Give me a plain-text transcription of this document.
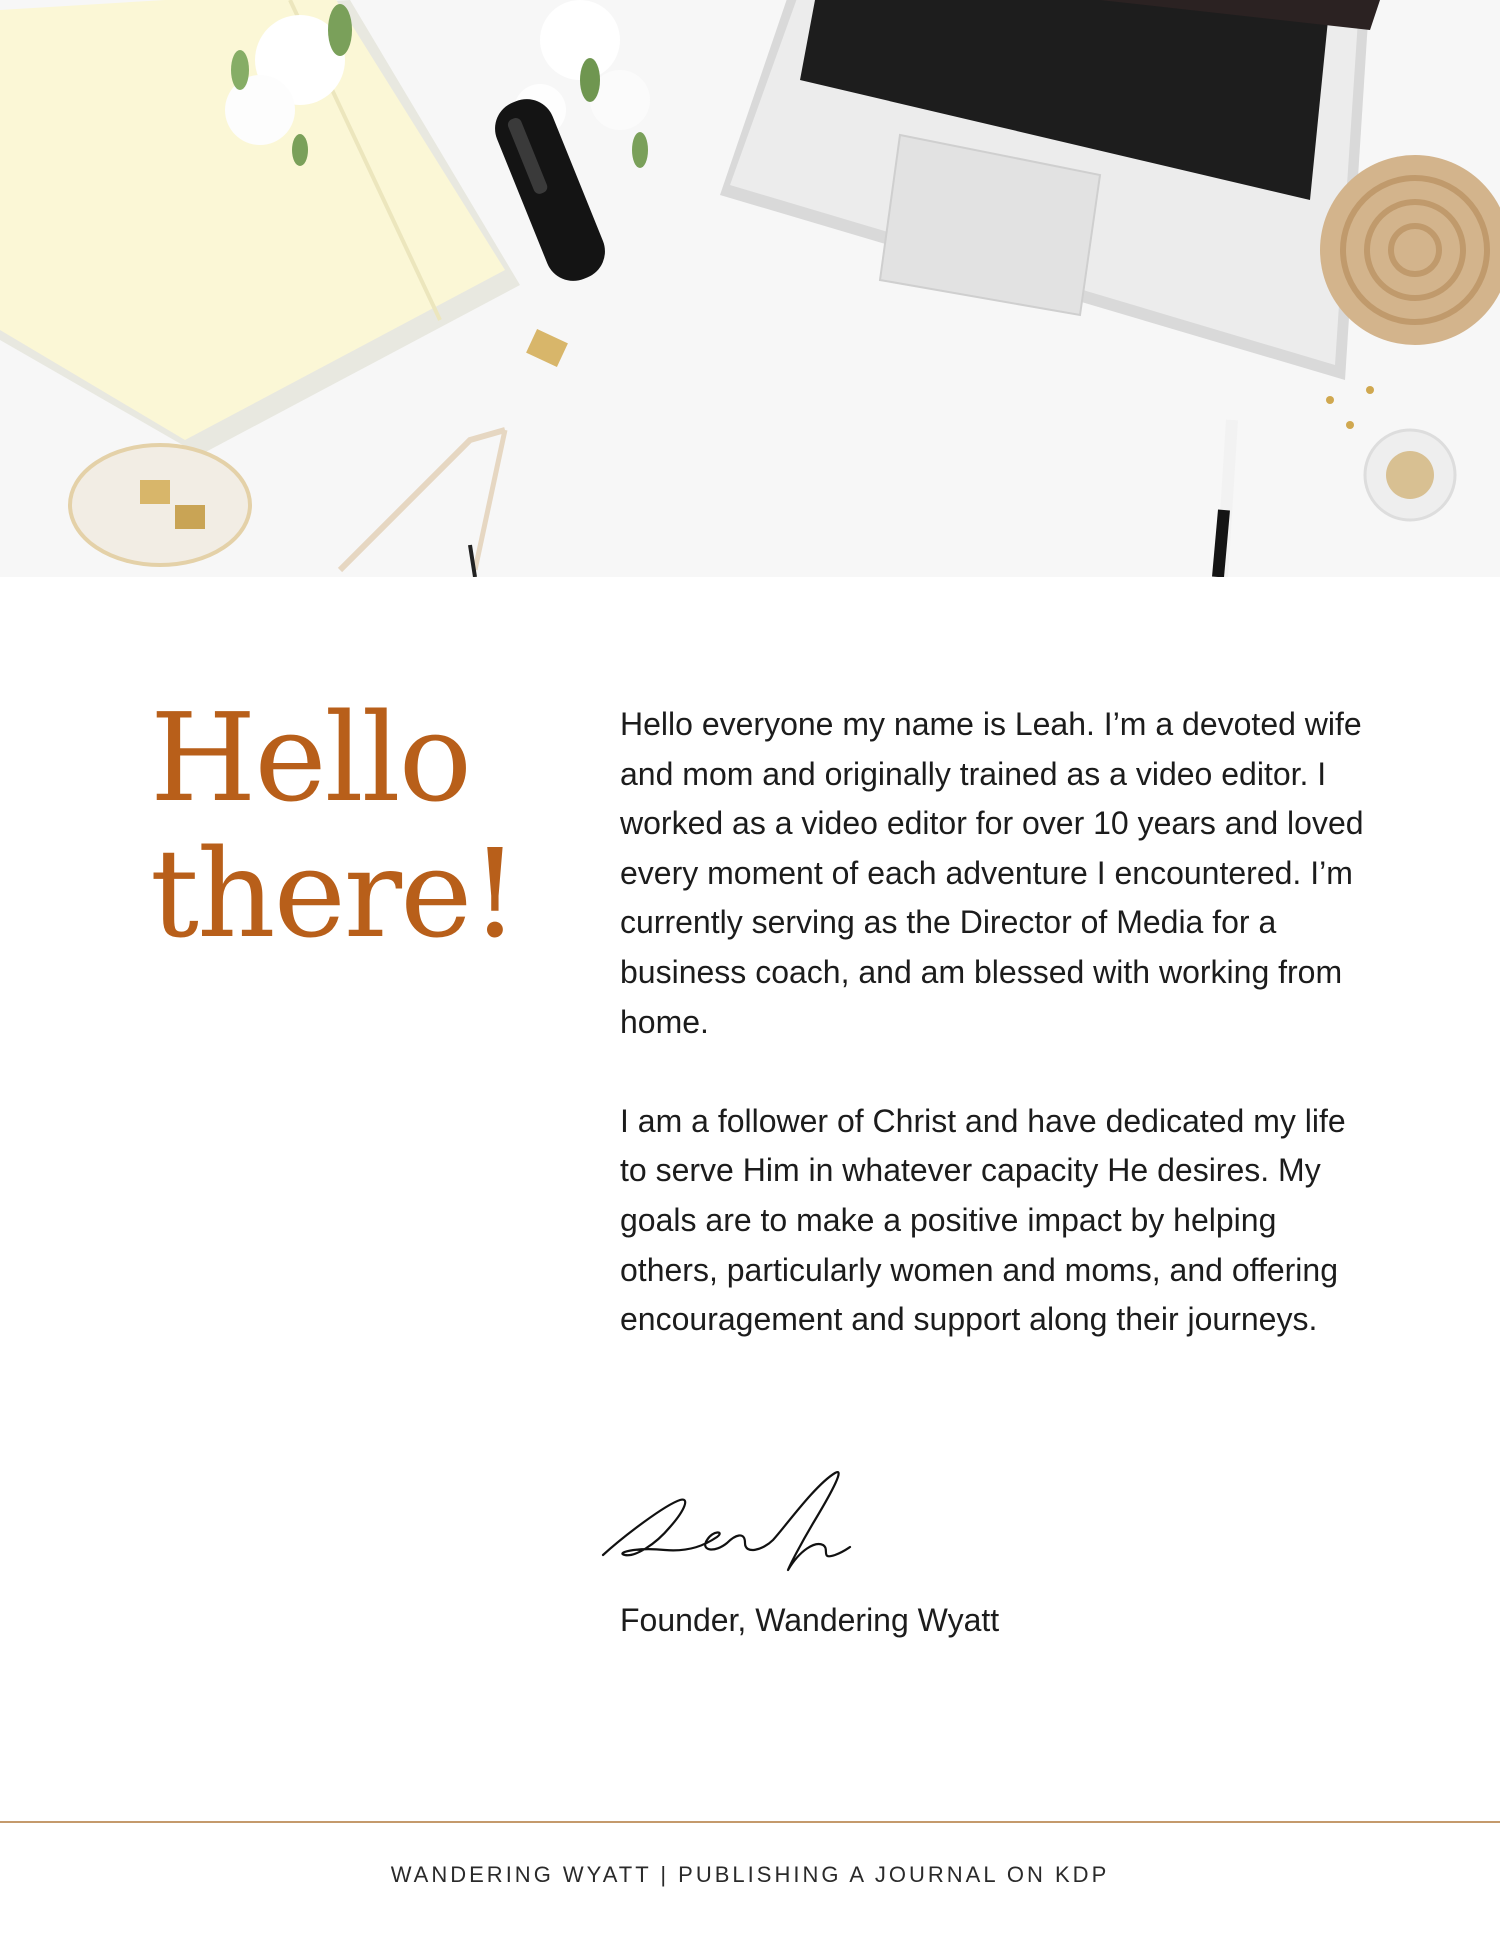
Hello
there!

Hello everyone my name is Leah. I’m a devoted wife and mom and originally trained as a video editor. I worked as a video editor for over 10 years and loved every moment of each adventure I encountered. I’m currently serving as the Director of Media for a business coach, and am blessed with working from home.

I am a follower of Christ and have dedicated my life to serve Him in whatever capacity He desires. My goals are to make a positive impact by helping others, particularly women and moms, and offering encouragement and support along their journeys.

Founder, Wandering Wyatt
WANDERING WYATT | PUBLISHING A JOURNAL ON KDP
